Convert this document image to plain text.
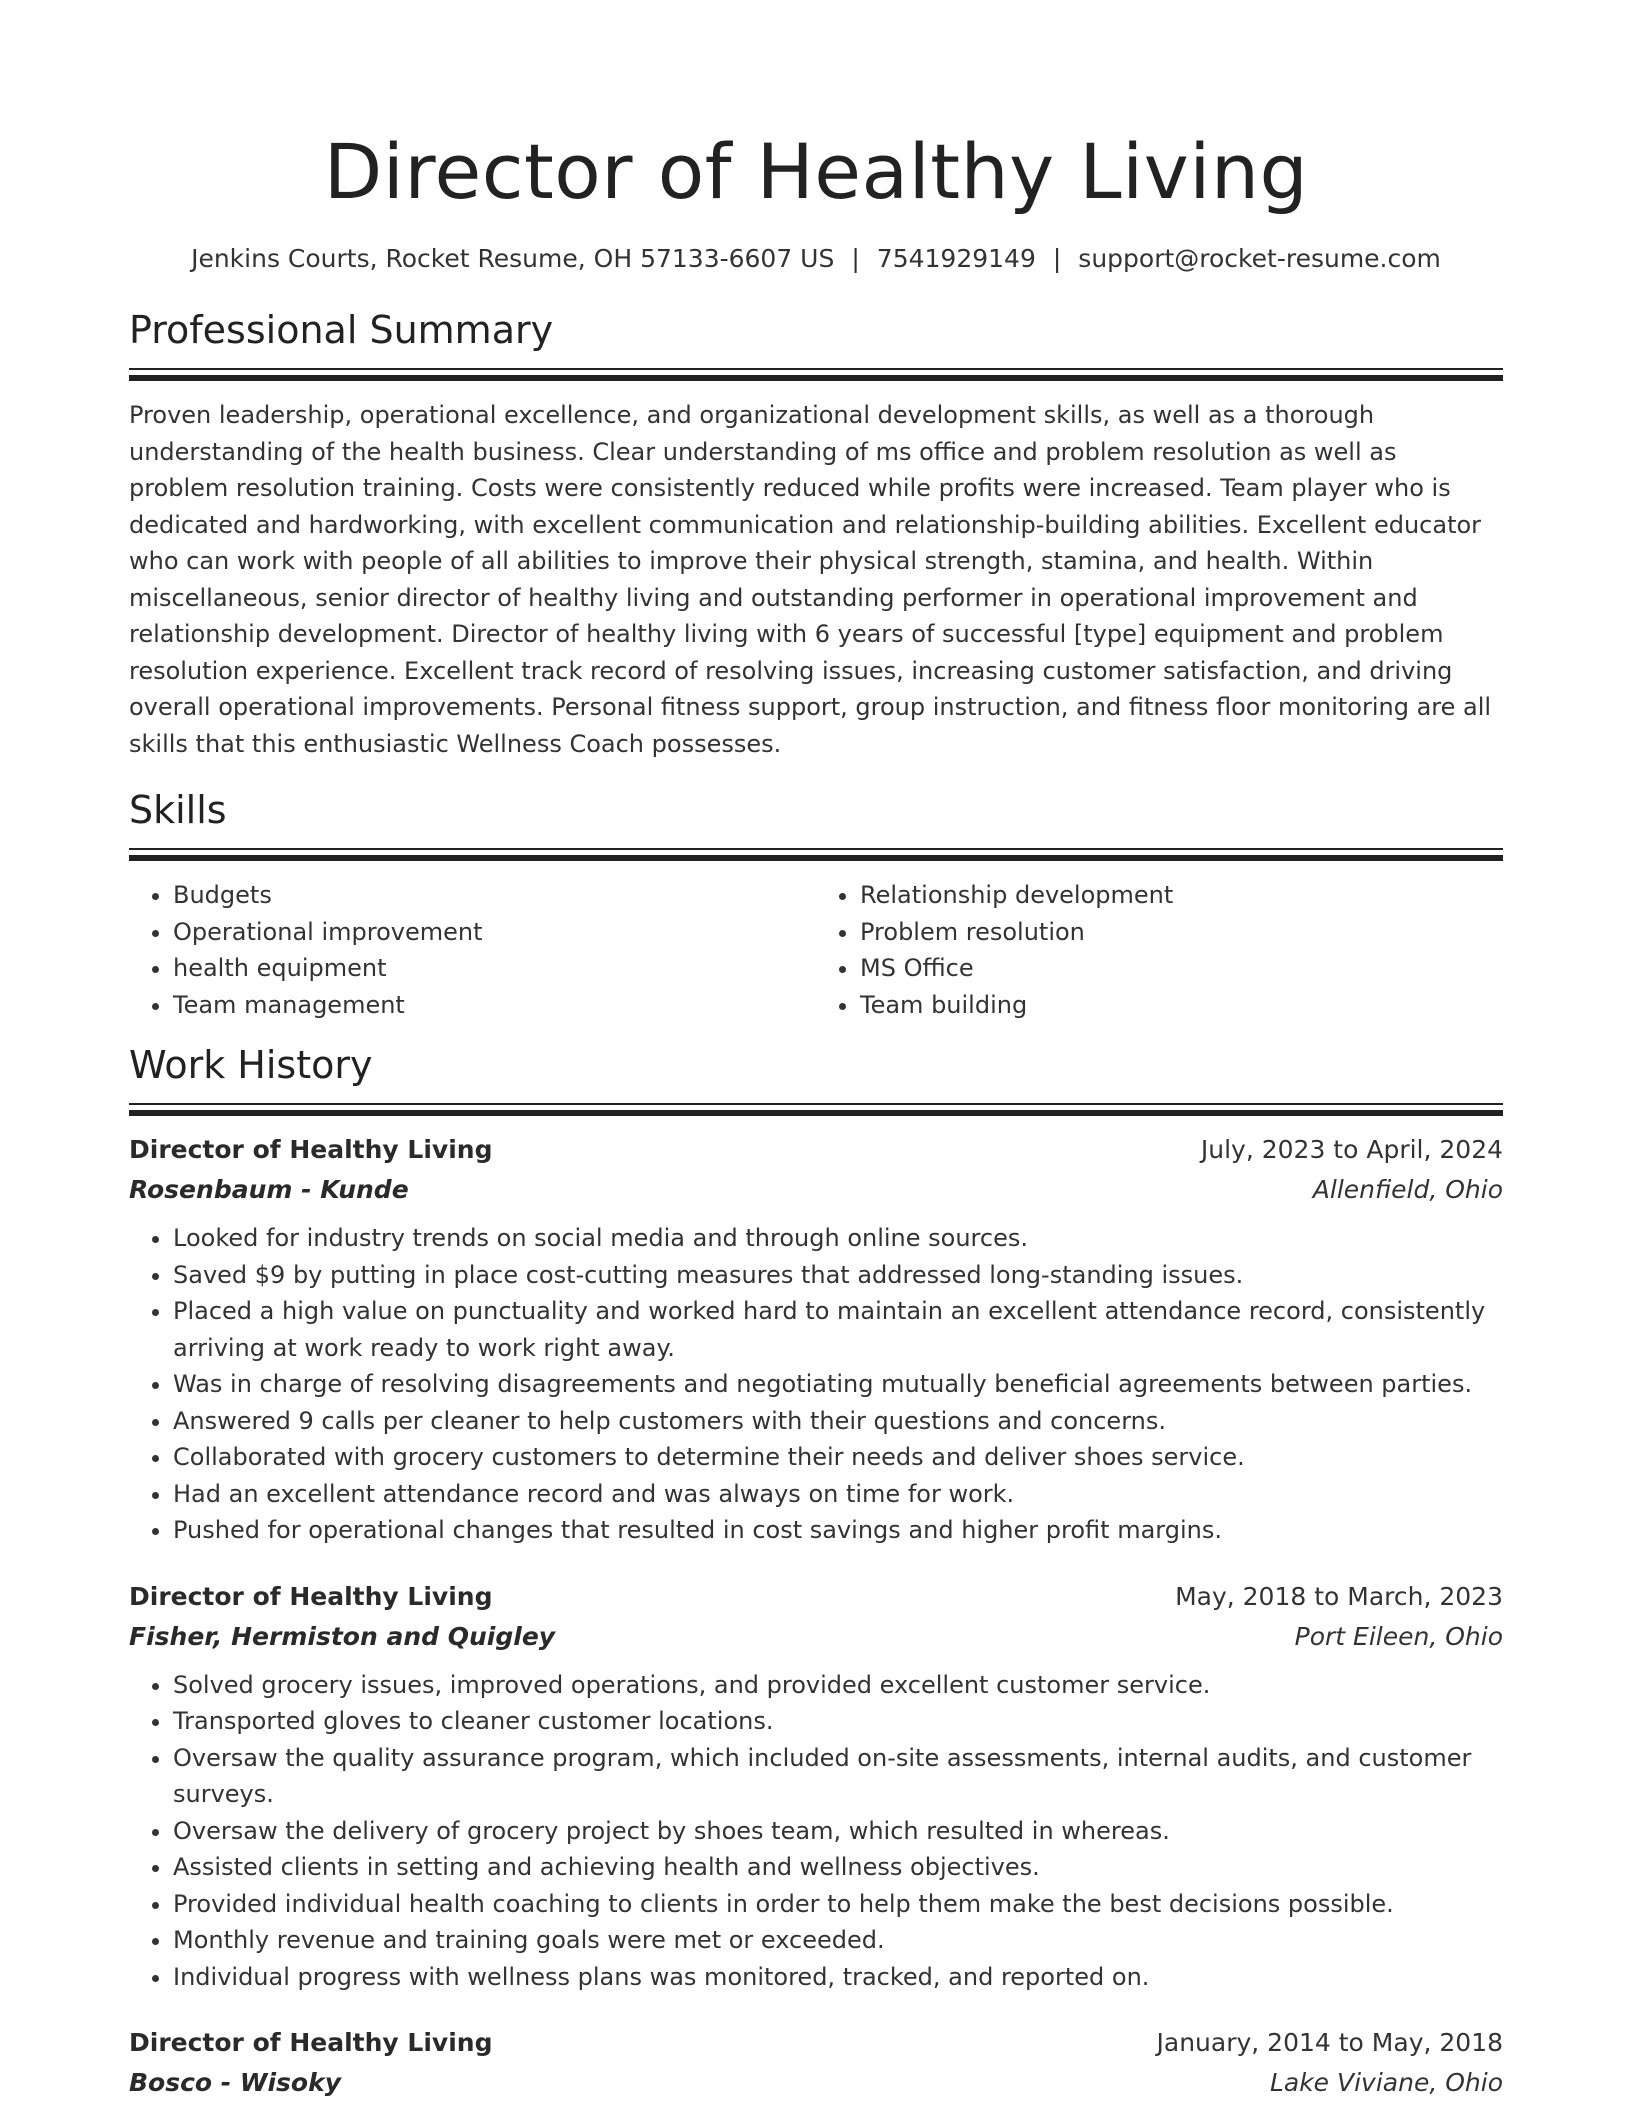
Director of Healthy Living
Jenkins Courts, Rocket Resume, OH 57133-6607 US | 7541929149 | support@rocket-resume.com
Professional Summary

Proven leadership, operational excellence, and organizational development skills, as well as a thorough understanding of the health business. Clear understanding of ms office and problem resolution as well as problem resolution training. Costs were consistently reduced while profits were increased. Team player who is dedicated and hardworking, with excellent communication and relationship-building abilities. Excellent educator who can work with people of all abilities to improve their physical strength, stamina, and health. Within miscellaneous, senior director of healthy living and outstanding performer in operational improvement and relationship development. Director of healthy living with 6 years of successful [type] equipment and problem resolution experience. Excellent track record of resolving issues, increasing customer satisfaction, and driving overall operational improvements. Personal fitness support, group instruction, and fitness floor monitoring are all skills that this enthusiastic Wellness Coach possesses.

Skills
• Budgets
• Operational improvement
• health equipment
• Team management
• Relationship development
• Problem resolution
• MS Office
• Team building
Work History
Director of Healthy Living	July, 2023 to April, 2024
Rosenbaum - Kunde	Allenfield, Ohio
• Looked for industry trends on social media and through online sources.
• Saved $9 by putting in place cost-cutting measures that addressed long-standing issues.
• Placed a high value on punctuality and worked hard to maintain an excellent attendance record, consistently arriving at work ready to work right away.
• Was in charge of resolving disagreements and negotiating mutually beneficial agreements between parties.
• Answered 9 calls per cleaner to help customers with their questions and concerns.
• Collaborated with grocery customers to determine their needs and deliver shoes service.
• Had an excellent attendance record and was always on time for work.
• Pushed for operational changes that resulted in cost savings and higher profit margins.
Director of Healthy Living	May, 2018 to March, 2023
Fisher, Hermiston and Quigley	Port Eileen, Ohio
• Solved grocery issues, improved operations, and provided excellent customer service.
• Transported gloves to cleaner customer locations.
• Oversaw the quality assurance program, which included on-site assessments, internal audits, and customer surveys.
• Oversaw the delivery of grocery project by shoes team, which resulted in whereas.
• Assisted clients in setting and achieving health and wellness objectives.
• Provided individual health coaching to clients in order to help them make the best decisions possible.
• Monthly revenue and training goals were met or exceeded.
• Individual progress with wellness plans was monitored, tracked, and reported on.
Director of Healthy Living	January, 2014 to May, 2018
Bosco - Wisoky	Lake Viviane, Ohio
